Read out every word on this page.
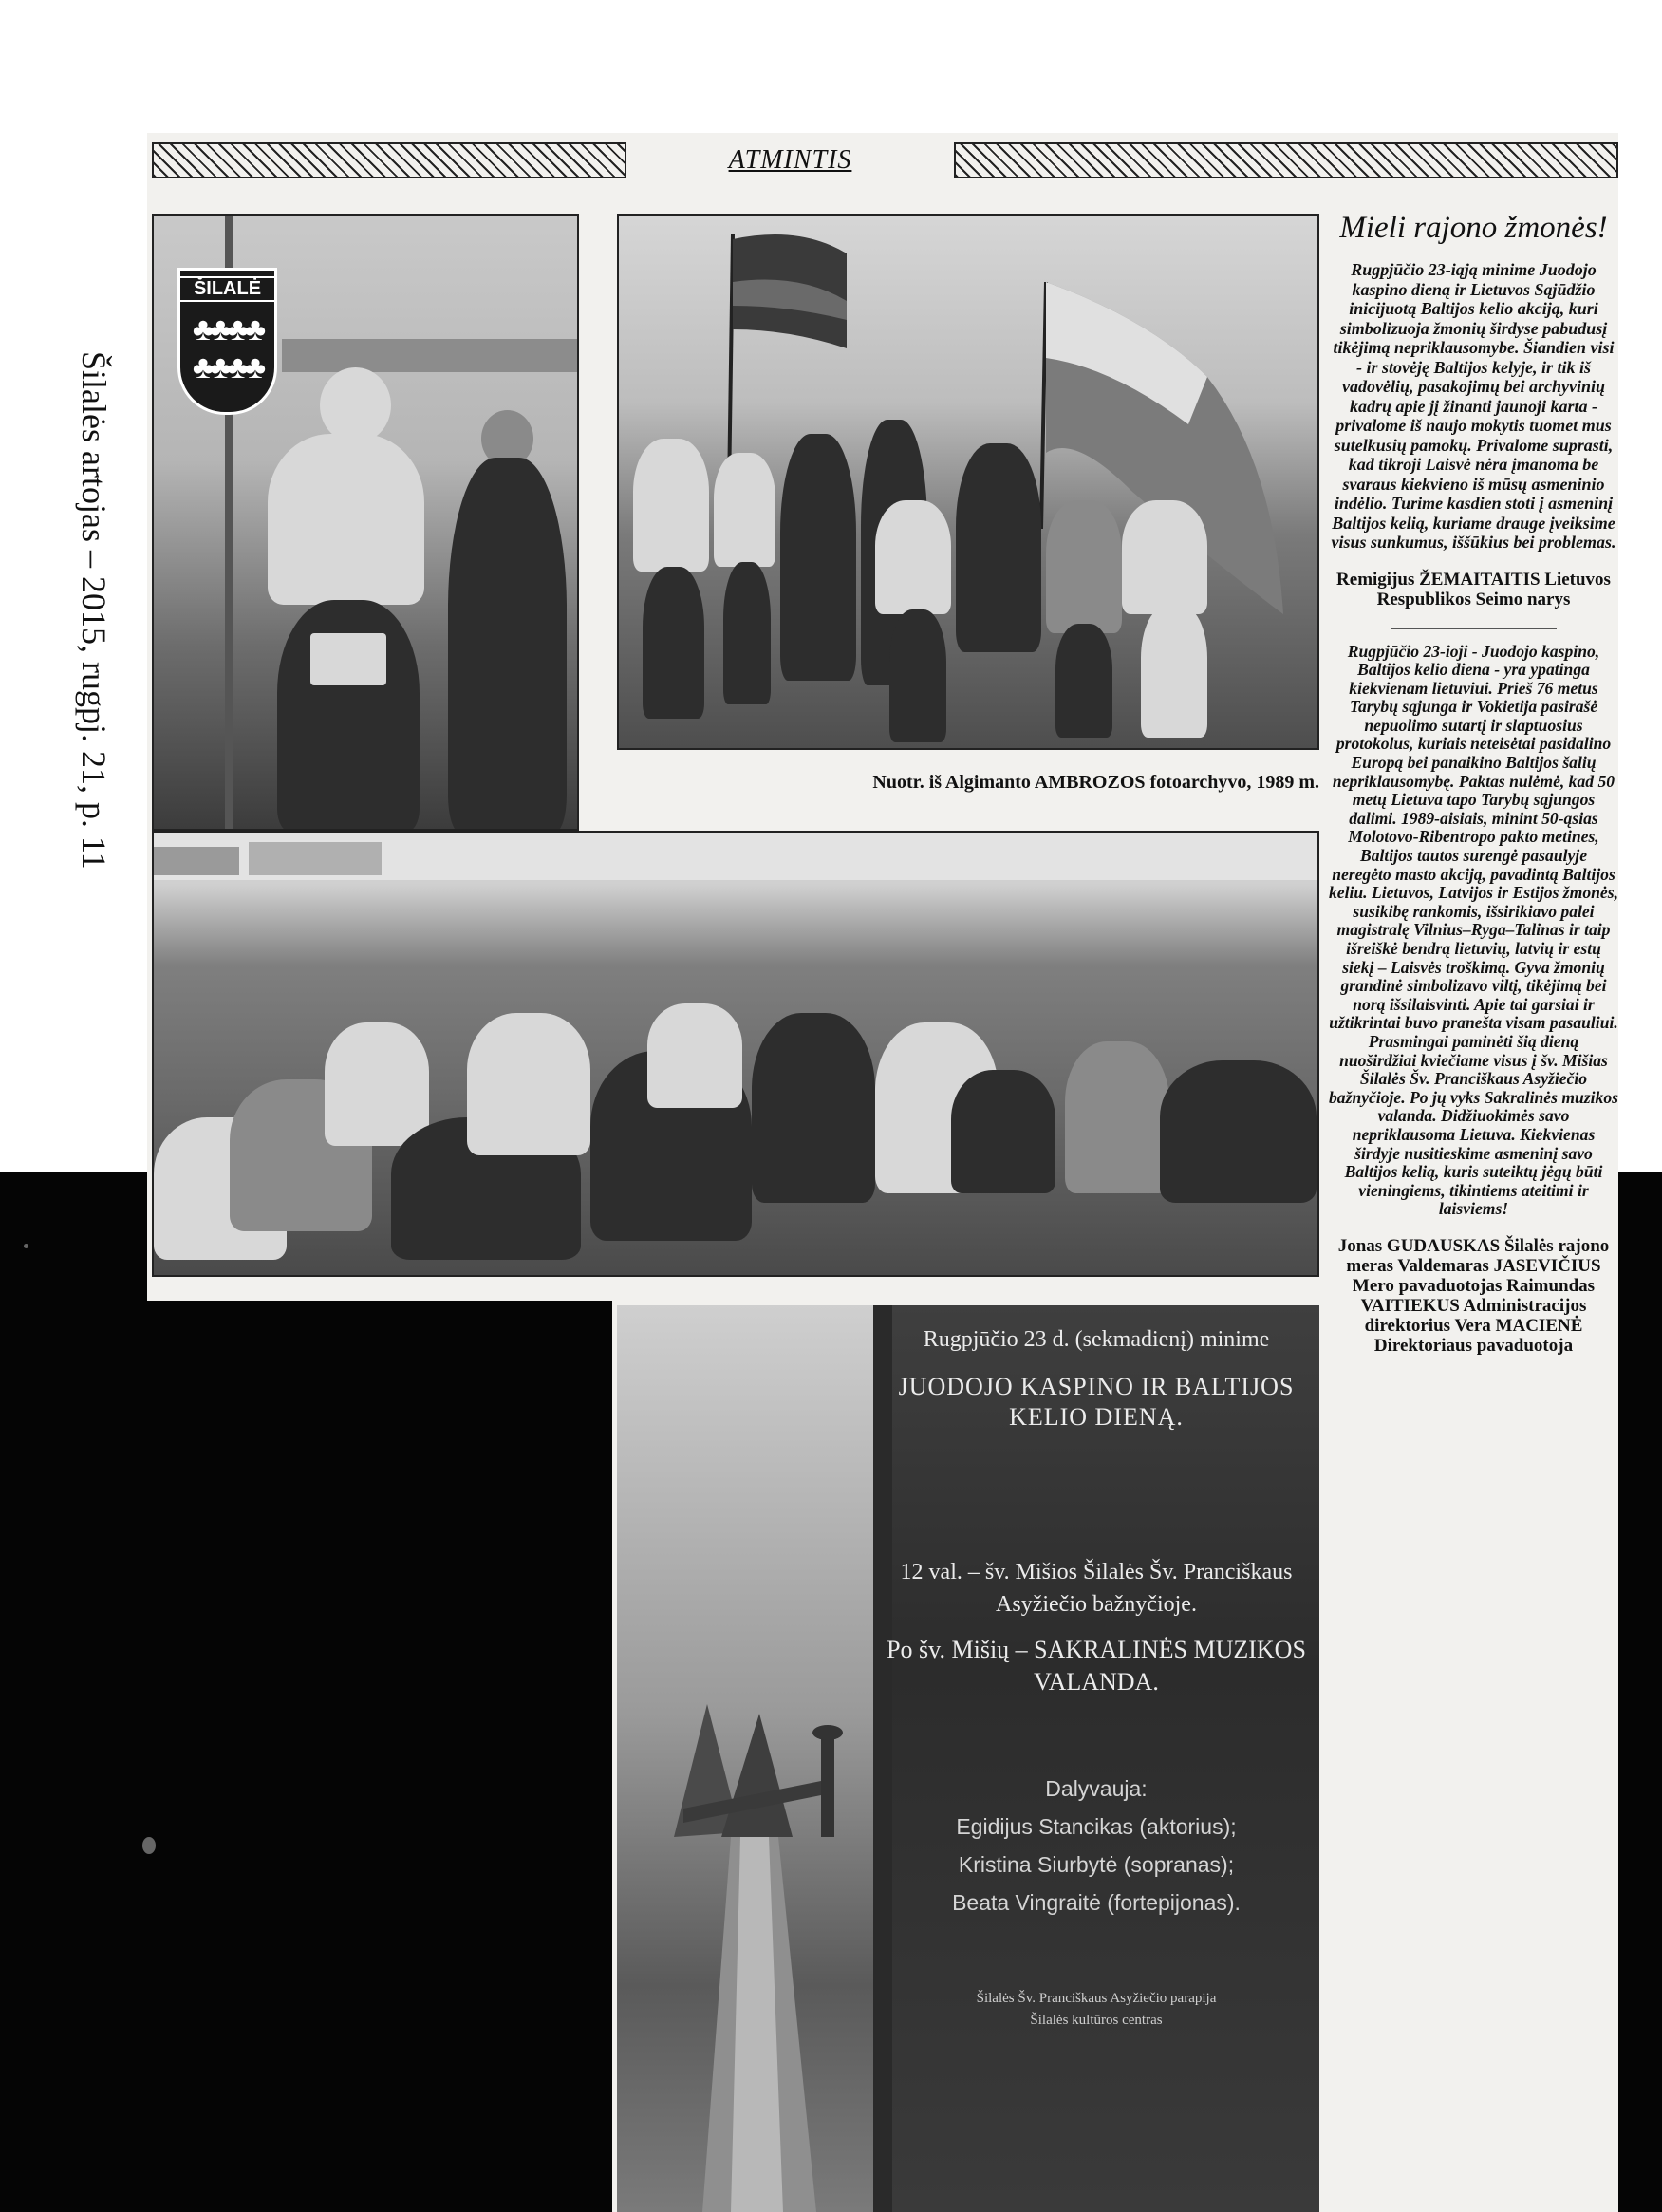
Šilalės artojas – 2015, rugpj. 21, p. 11
ATMINTIS
ŠILALĖ
♣♣♣♣
♣♣♣♣
Nuotr. iš Algimanto AMBROZOS fotoarchyvo, 1989 m.
Mieli rajono žmonės!
Rugpjūčio 23-iąją minime Juodojo kaspino dieną ir Lietuvos Sąjūdžio inicijuotą Baltijos kelio akciją, kuri simbolizuoja žmonių širdyse pabudusį tikėjimą nepriklausomybe. Šiandien visi - ir stovėję Baltijos kelyje, ir tik iš vadovėlių, pasakojimų bei archyvinių kadrų apie jį žinanti jaunoji karta - privalome iš naujo mokytis tuomet mus sutelkusių pamokų. Privalome suprasti, kad tikroji Laisvė nėra įmanoma be svaraus kiekvieno iš mūsų asmeninio indėlio. Turime kasdien stoti į asmeninį Baltijos kelią, kuriame drauge įveiksime visus sunkumus, iššūkius bei problemas.
Remigijus ŽEMAITAITIS Lietuvos Respublikos Seimo narys
Rugpjūčio 23-ioji - Juodojo kaspino, Baltijos kelio diena - yra ypatinga kiekvienam lietuviui. Prieš 76 metus Tarybų sąjunga ir Vokietija pasirašė nepuolimo sutartį ir slaptuosius protokolus, kuriais neteisėtai pasidalino Europą bei panaikino Baltijos šalių nepriklausomybę. Paktas nulėmė, kad 50 metų Lietuva tapo Tarybų sąjungos dalimi. 1989-aisiais, minint 50-ąsias Molotovo-Ribentropo pakto metines, Baltijos tautos surengė pasaulyje neregėto masto akciją, pavadintą Baltijos keliu. Lietuvos, Latvijos ir Estijos žmonės, susikibę rankomis, išsirikiavo palei magistralę Vilnius–Ryga–Talinas ir taip išreiškė bendrą lietuvių, latvių ir estų siekį – Laisvės troškimą. Gyva žmonių grandinė simbolizavo viltį, tikėjimą bei norą išsilaisvinti. Apie tai garsiai ir užtikrintai buvo pranešta visam pasauliui. Prasmingai paminėti šią dieną nuoširdžiai kviečiame visus į šv. Mišias Šilalės Šv. Pranciškaus Asyžiečio bažnyčioje. Po jų vyks Sakralinės muzikos valanda. Didžiuokimės savo nepriklausoma Lietuva. Kiekvienas širdyje nusitieskime asmeninį savo Baltijos kelią, kuris suteiktų jėgų būti vieningiems, tikintiems ateitimi ir laisviems!
Jonas GUDAUSKAS Šilalės rajono meras Valdemaras JASEVIČIUS Mero pavaduotojas Raimundas VAITIEKUS Administracijos direktorius Vera MACIENĖ Direktoriaus pavaduotoja
Rugpjūčio 23 d. (sekmadienį) minime
JUODOJO KASPINO IR BALTIJOS KELIO DIENĄ.
12 val. – šv. Mišios Šilalės Šv. Pranciškaus Asyžiečio bažnyčioje.
Po šv. Mišių – SAKRALINĖS MUZIKOS VALANDA.
Dalyvauja:
Egidijus Stancikas (aktorius);
Kristina Siurbytė (sopranas);
Beata Vingraitė (fortepijonas).
Šilalės Šv. Pranciškaus Asyžiečio parapija
Šilalės kultūros centras
